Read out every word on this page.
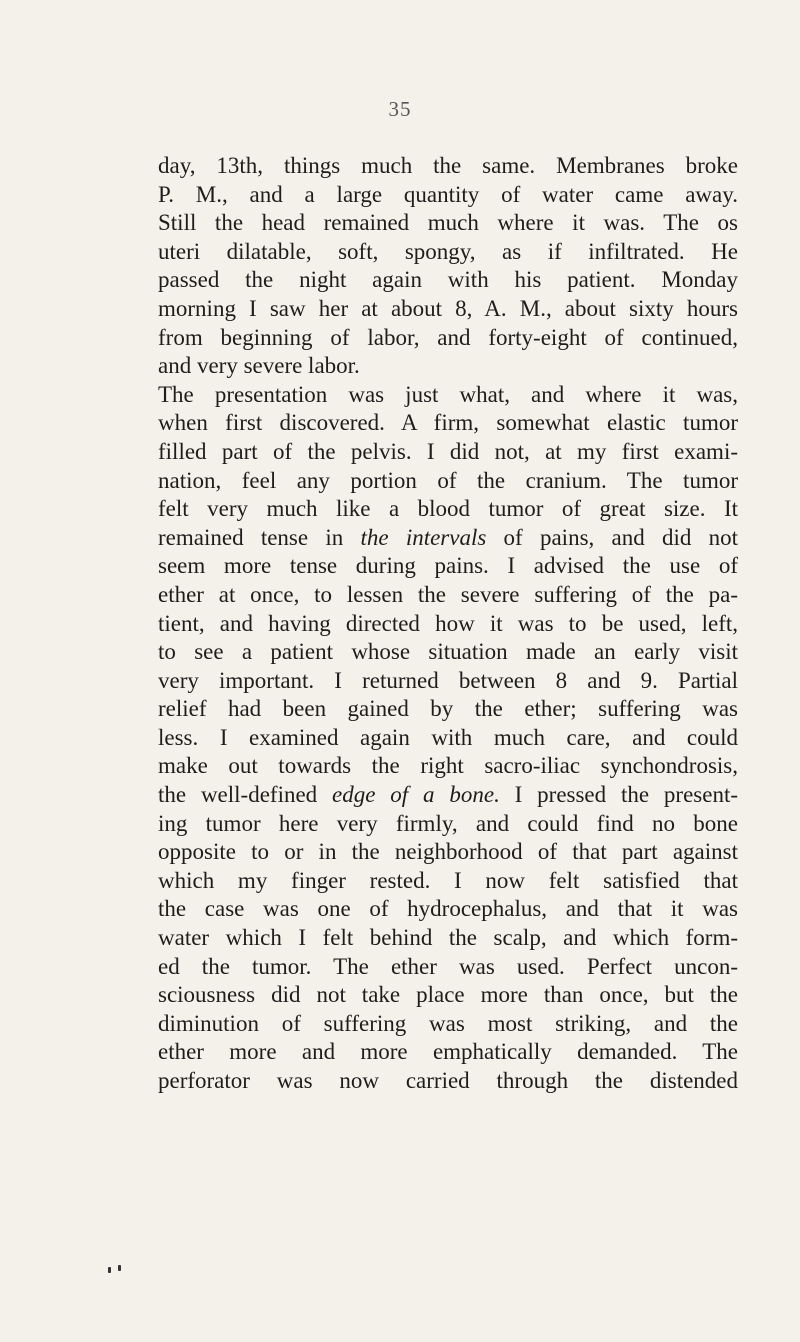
35
day, 13th, things much the same. Membranes broke
P. M., and a large quantity of water came away.
Still the head remained much where it was. The os
uteri dilatable, soft, spongy, as if infiltrated. He
passed the night again with his patient. Monday
morning I saw her at about 8, A. M., about sixty hours
from beginning of labor, and forty-eight of continued,
and very severe labor.
The presentation was just what, and where it was,
when first discovered. A firm, somewhat elastic tumor
filled part of the pelvis. I did not, at my first exami-
nation, feel any portion of the cranium. The tumor
felt very much like a blood tumor of great size. It
remained tense in the intervals of pains, and did not
seem more tense during pains. I advised the use of
ether at once, to lessen the severe suffering of the pa-
tient, and having directed how it was to be used, left,
to see a patient whose situation made an early visit
very important. I returned between 8 and 9. Partial
relief had been gained by the ether; suffering was
less. I examined again with much care, and could
make out towards the right sacro-iliac synchondrosis,
the well-defined edge of a bone. I pressed the present-
ing tumor here very firmly, and could find no bone
opposite to or in the neighborhood of that part against
which my finger rested. I now felt satisfied that
the case was one of hydrocephalus, and that it was
water which I felt behind the scalp, and which form-
ed the tumor. The ether was used. Perfect uncon-
sciousness did not take place more than once, but the
diminution of suffering was most striking, and the
ether more and more emphatically demanded. The
perforator was now carried through the distended
